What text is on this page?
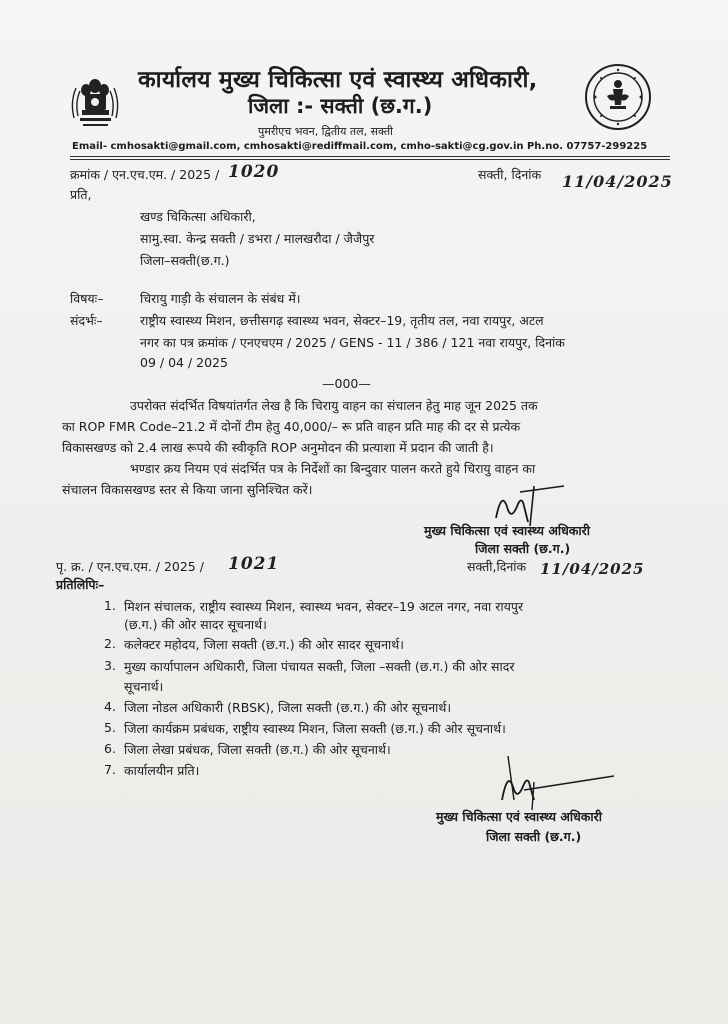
कार्यालय मुख्य चिकित्सा एवं स्वास्थ्य अधिकारी,
जिला :- सक्ती (छ.ग.)
पुमरीएच भवन, द्वितीय तल, सक्ती
Email- cmhosakti@gmail.com, cmhosakti@rediffmail.com, cmho-sakti@cg.gov.in Ph.no. 07757-299225
क्रमांक / एन.एच.एम. / 2025 / 1020	सक्ती, दिनांक 11/04/2025
प्रति,
खण्ड चिकित्सा अधिकारी,
सामु.स्वा. केन्द्र सक्ती / डभरा / मालखरौदा / जैजैपुर
जिला–सक्ती(छ.ग.)
विषयः–	चिरायु गाड़ी के संचालन के संबंध में।
संदर्भः–	राष्ट्रीय स्वास्थ्य मिशन, छत्तीसगढ़ स्वास्थ्य भवन, सेक्टर–19, तृतीय तल, नवा रायपुर, अटल
नगर का पत्र क्रमांक / एनएचएम / 2025 / GENS - 11 / 386 / 121 नवा रायपुर, दिनांक
09 / 04 / 2025
—000—
उपरोक्त संदर्भित विषयांतर्गत लेख है कि चिरायु वाहन का संचालन हेतु माह जून 2025 तक
का ROP FMR Code–21.2 में दोनों टीम हेतु 40,000/– रू प्रति वाहन प्रति माह की दर से प्रत्येक
विकासखण्ड को 2.4 लाख रूपये की स्वीकृति ROP अनुमोदन की प्रत्याशा में प्रदान की जाती है।
भण्डार क्रय नियम एवं संदर्भित पत्र के निर्देशों का बिन्दुवार पालन करते हुये चिरायु वाहन का
संचालन विकासखण्ड स्तर से किया जाना सुनिश्चित करें।
मुख्य चिकित्सा एवं स्वास्थ्य अधिकारी
जिला सक्ती (छ.ग.)
पृ. क्र. / एन.एच.एम. / 2025 / 1021	सक्ती,दिनांक 11/04/2025
प्रतिलिपिः–
1. मिशन संचालक, राष्ट्रीय स्वास्थ्य मिशन, स्वास्थ्य भवन, सेक्टर–19 अटल नगर, नवा रायपुर
(छ.ग.) की ओर सादर सूचनार्थ।
2. कलेक्टर महोदय, जिला सक्ती (छ.ग.) की ओर सादर सूचनार्थ।
3. मुख्य कार्यापालन अधिकारी, जिला पंचायत सक्ती, जिला –सक्ती (छ.ग.) की ओर सादर
सूचनार्थ।
4. जिला नोडल अधिकारी (RBSK), जिला सक्ती (छ.ग.) की ओर सूचनार्थ।
5. जिला कार्यक्रम प्रबंधक, राष्ट्रीय स्वास्थ्य मिशन, जिला सक्ती (छ.ग.) की ओर सूचनार्थ।
6. जिला लेखा प्रबंधक, जिला सक्ती (छ.ग.) की ओर सूचनार्थ।
7. कार्यालयीन प्रति।
मुख्य चिकित्सा एवं स्वास्थ्य अधिकारी
जिला सक्ती (छ.ग.)
